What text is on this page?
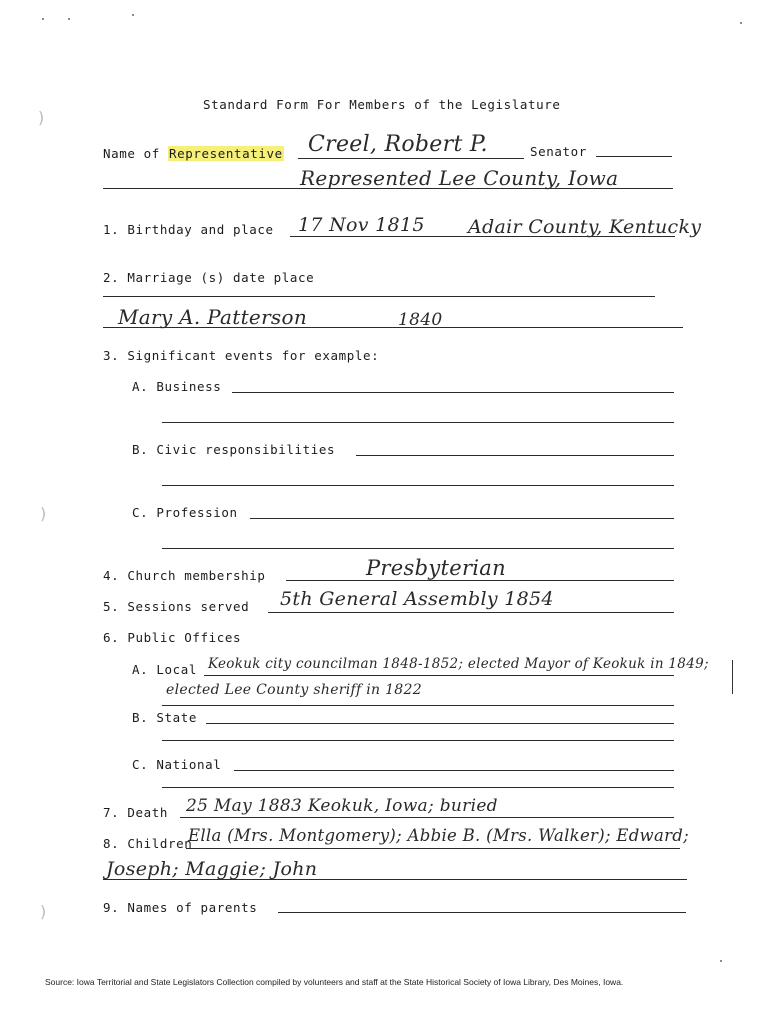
)
)
)
Standard Form For Members of the Legislature
Name of Representative Creel, Robert P.	Senator
Represented Lee County, Iowa
1. Birthday and place 17 Nov 1815 Adair County, Kentucky
2. Marriage (s) date place
Mary A. Patterson	1840
3. Significant events for example:
A. Business
B. Civic responsibilities
C. Profession
4. Church membership	Presbyterian
5. Sessions served 5th General Assembly 1854
6. Public Offices
A. Local Keokuk city councilman 1848-1852; elected Mayor of Keokuk in 1849;
elected Lee County sheriff in 1822
B. State
C. National
7. Death 25 May 1883 Keokuk, Iowa; buried
8. Children
Ella (Mrs. Montgomery); Abbie B. (Mrs. Walker); Edward;
Joseph; Maggie; John
9. Names of parents
Source: Iowa Territorial and State Legislators Collection compiled by volunteers and staff at the State Historical Society of Iowa Library, Des Moines, Iowa.
